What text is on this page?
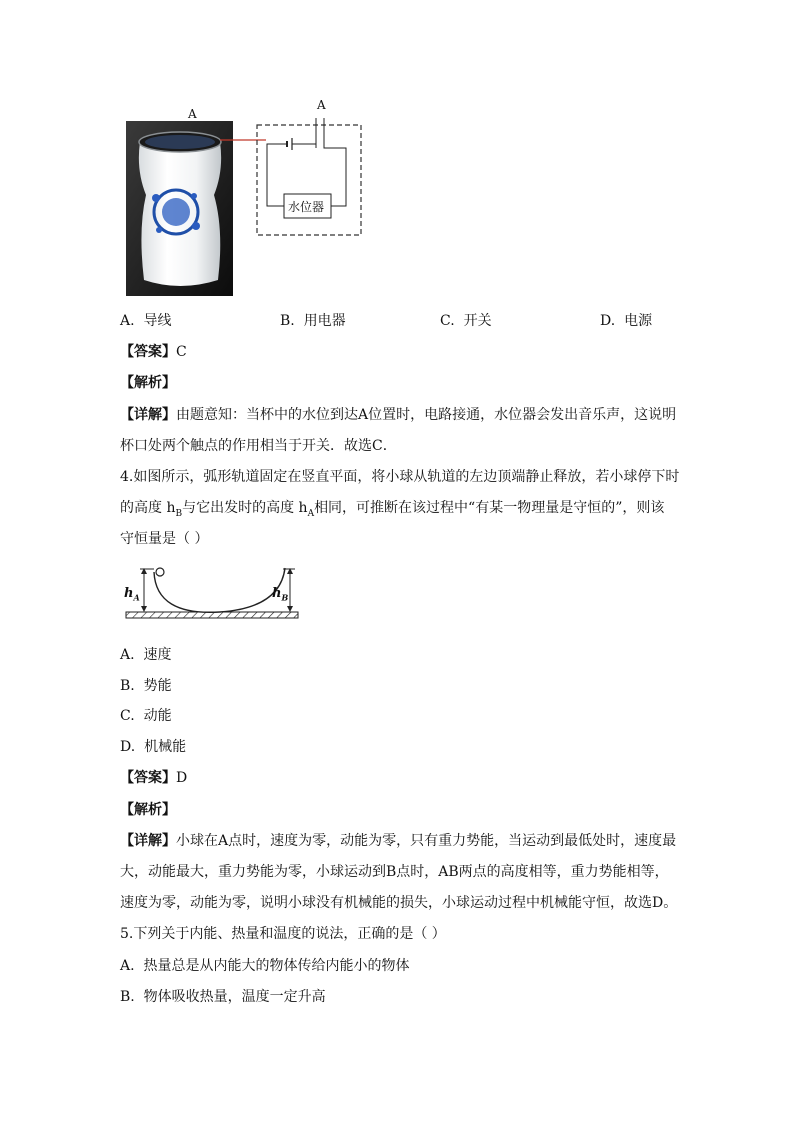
A
A
水位器
A. 导线	B. 用电器	C. 开关	D. 电源
【答案】C
【解析】
【详解】由题意知：当杯中的水位到达A位置时，电路接通，水位器会发出音乐声，这说明
杯口处两个触点的作用相当于开关．故选C．
4.如图所示，弧形轨道固定在竖直平面，将小球从轨道的左边顶端静止释放，若小球停下时
的高度 $h_B$与它出发时的高度 $h_A$相同，可推断在该过程中“有某一物理量是守恒的”，则该
守恒量是（ ）
$h_A$	$h_B$
A. 速度
B. 势能
C. 动能
D. 机械能
【答案】D
【解析】
【详解】小球在A点时，速度为零，动能为零，只有重力势能，当运动到最低处时，速度最
大，动能最大，重力势能为零，小球运动到B点时，AB两点的高度相等，重力势能相等，
速度为零，动能为零，说明小球没有机械能的损失，小球运动过程中机械能守恒，故选D。
5.下列关于内能、热量和温度的说法，正确的是（ ）
A. 热量总是从内能大的物体传给内能小的物体
B. 物体吸收热量，温度一定升高
